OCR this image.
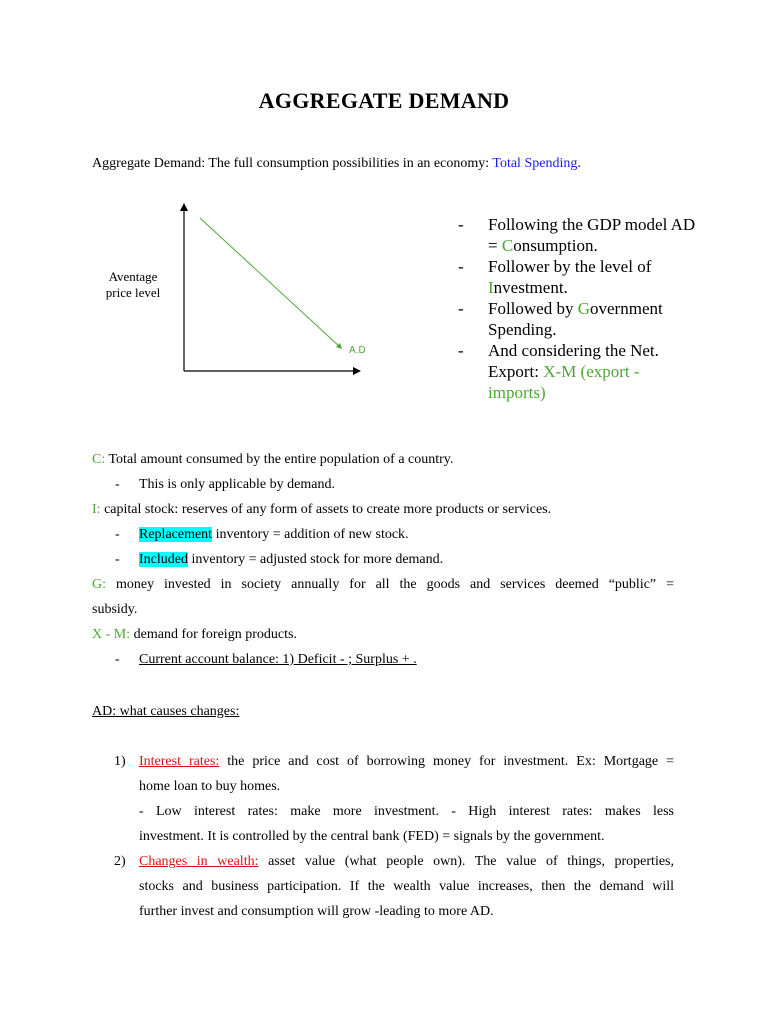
AGGREGATE DEMAND
Aggregate Demand: The full consumption possibilities in an economy: Total Spending.
A.D
Aventage
price level
- Following the GDP model AD = Consumption.
- Follower by the level of Investment.
- Followed by Government Spending.
- And considering the Net. Export: X-M (export - imports)
C: Total amount consumed by the entire population of a country.
- This is only applicable by demand.
I: capital stock: reserves of any form of assets to create more products or services.
- Replacement inventory = addition of new stock.
- Included inventory = adjusted stock for more demand.
G: money invested in society annually for all the goods and services deemed “public” =
subsidy.
X - M: demand for foreign products.
- Current account balance: 1) Deficit - ; Surplus + .
AD: what causes changes:
1) Interest rates: the price and cost of borrowing money for investment. Ex: Mortgage =
home loan to buy homes.
- Low interest rates: make more investment. - High interest rates: makes less
investment. It is controlled by the central bank (FED) = signals by the government.
2) Changes in wealth: asset value (what people own). The value of things, properties,
stocks and business participation. If the wealth value increases, then the demand will
further invest and consumption will grow -leading to more AD.
